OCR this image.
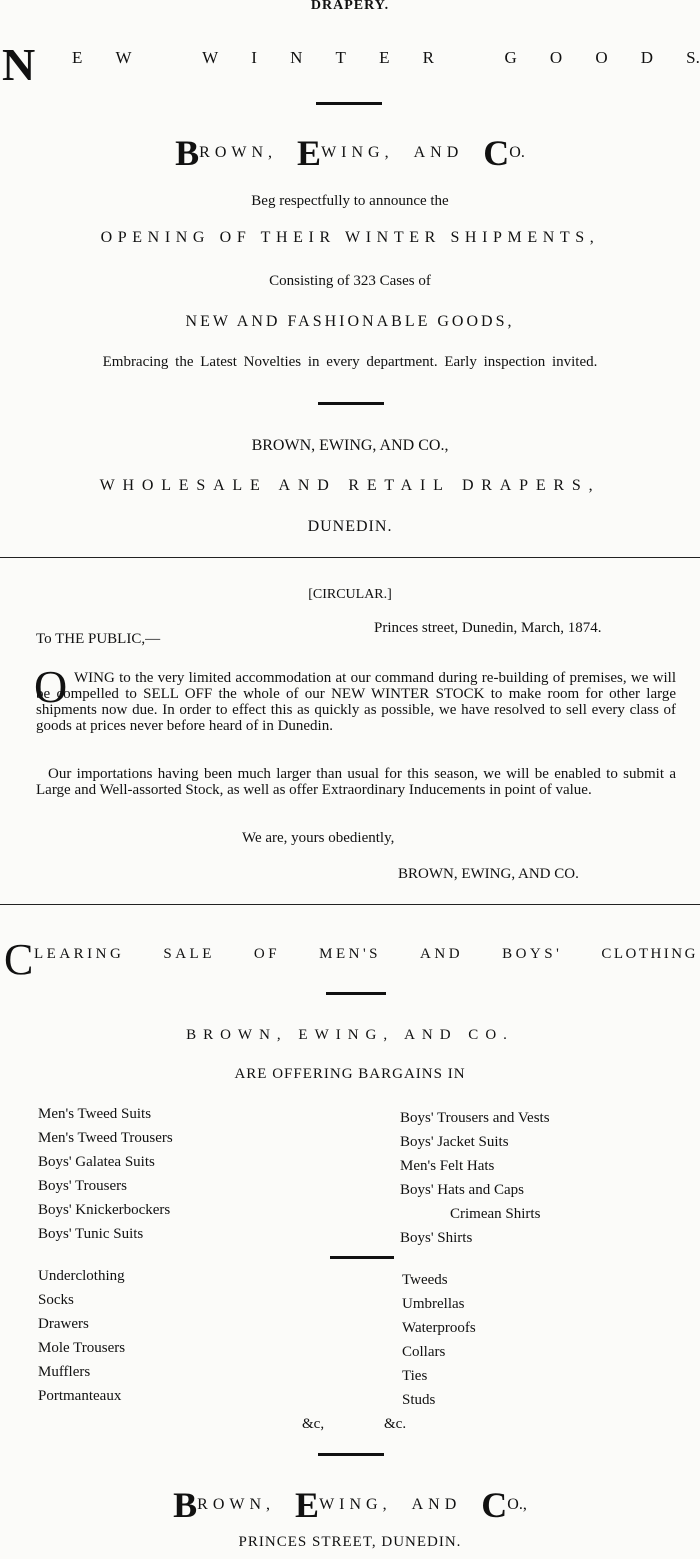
DRAPERY.
N E W
	W I N T E R
	G O O D S.
BROWN, EWING, AND CO.
Beg respectfully to announce the
OPENING OF THEIR WINTER SHIPMENTS,
Consisting of 323 Cases of
NEW AND FASHIONABLE GOODS,
Embracing the Latest Novelties in every department. Early inspection invited.
BROWN, EWING, AND CO.,
WHOLESALE AND RETAIL DRAPERS,
DUNEDIN.
[CIRCULAR.]
Princes street, Dunedin, March, 1874.
To THE PUBLIC,—
O WING to the very limited accommodation at our command during re-building of premises, we will be compelled to SELL OFF the whole of our NEW WINTER STOCK to make room for other large shipments now due. In order to effect this as quickly as possible, we have resolved to sell every class of goods at prices never before heard of in Dunedin.
Our importations having been much larger than usual for this season, we will be enabled to submit a Large and Well-assorted Stock, as well as offer Extraordinary Inducements in point of value.
We are, yours obediently,
BROWN, EWING, AND CO.
C LEARING	SALE	OF	MEN'S	AND	BOYS'	CLOTHING
BROWN, EWING, AND CO.
ARE OFFERING BARGAINS IN
Men's Tweed Suits
Men's Tweed Trousers
Boys' Galatea Suits
Boys' Trousers
Boys' Knickerbockers
Boys' Tunic Suits
Boys' Trousers and Vests
Boys' Jacket Suits
Men's Felt Hats
Boys' Hats and Caps
Crimean Shirts
Boys' Shirts
Underclothing
Socks
Drawers
Mole Trousers
Mufflers
Portmanteaux
Tweeds
Umbrellas
Waterproofs
Collars
Ties
Studs
&c,	&c.
BROWN, EWING, AND CO.,
PRINCES STREET, DUNEDIN.
